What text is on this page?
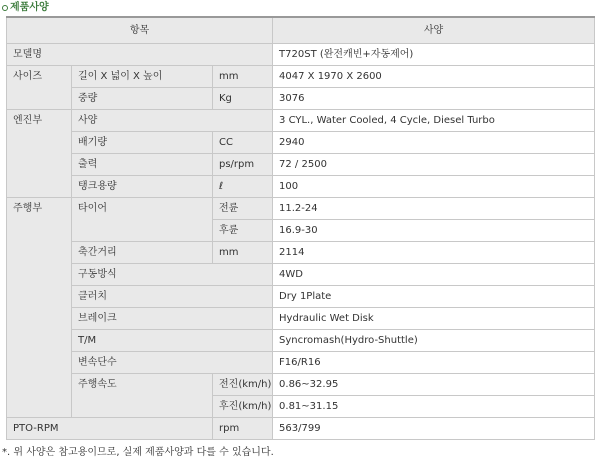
제품사양
항목			사양
모델명			T720ST (완전캐빈+자동제어)
사이즈	길이 X 넓이 X 높이	mm	4047 X 1970 X 2600
	중량	Kg	3076
엔진부	사양		3 CYL., Water Cooled, 4 Cycle, Diesel Turbo
	배기량	CC	2940
	출력	ps/rpm	72 / 2500
	탱크용량	ℓ	100
주행부	타이어	전륜	11.2-24
		후륜	16.9-30
	축간거리	mm	2114
	구동방식		4WD
	클러치		Dry 1Plate
	브레이크		Hydraulic Wet Disk
	T/M		Syncromash(Hydro-Shuttle)
	변속단수		F16/R16
	주행속도	전진(km/h)	0.86~32.95
		후진(km/h)	0.81~31.15
PTO-RPM		rpm	563/799
*. 위 사양은 참고용이므로, 실제 제품사양과 다를 수 있습니다.
